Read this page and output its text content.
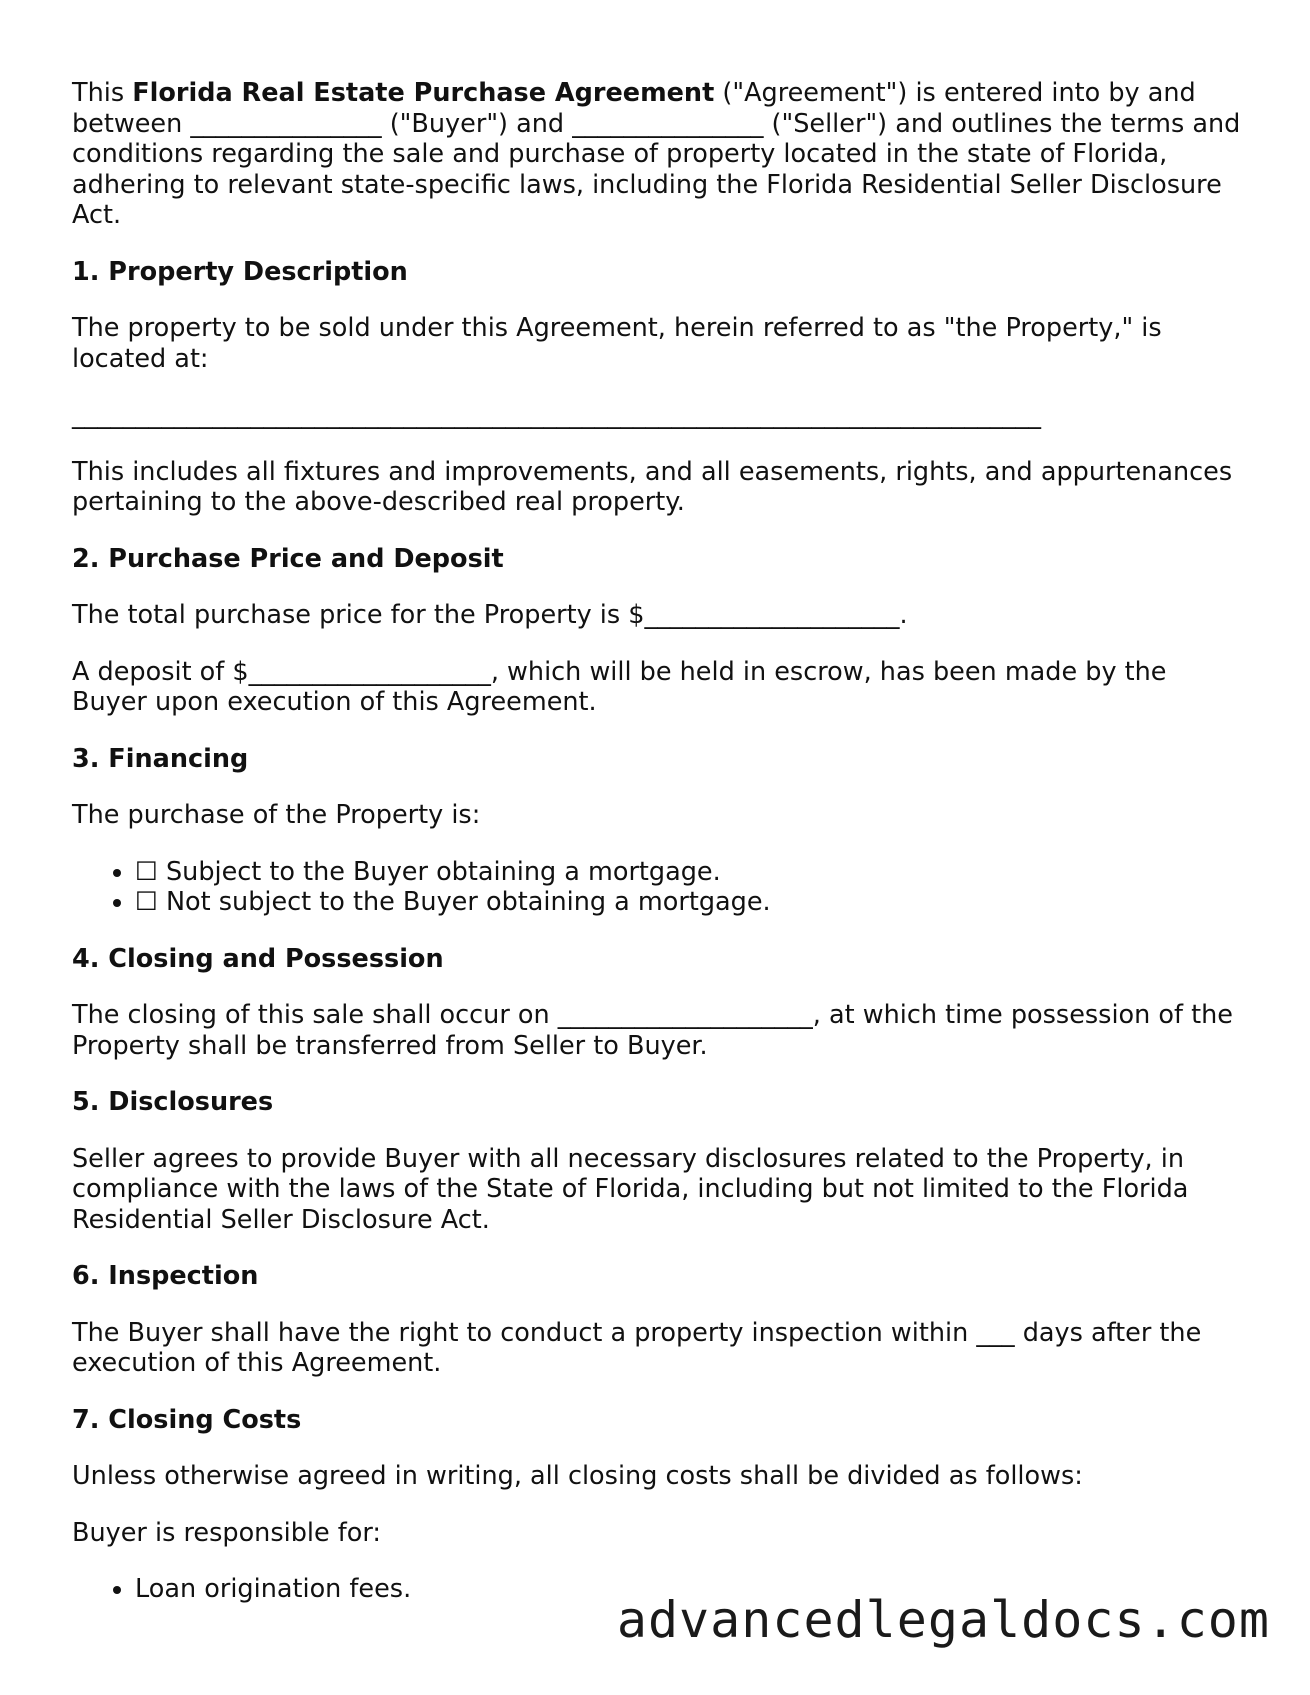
This Florida Real Estate Purchase Agreement ("Agreement") is entered into by and between _______________ ("Buyer") and _______________ ("Seller") and outlines the terms and conditions regarding the sale and purchase of property located in the state of Florida, adhering to relevant state-specific laws, including the Florida Residential Seller Disclosure Act.

1. Property Description

The property to be sold under this Agreement, herein referred to as "the Property," is located at:

____________________________________________________________________________

This includes all fixtures and improvements, and all easements, rights, and appurtenances pertaining to the above-described real property.

2. Purchase Price and Deposit

The total purchase price for the Property is $____________________.

A deposit of $___________________, which will be held in escrow, has been made by the Buyer upon execution of this Agreement.

3. Financing

The purchase of the Property is:

• ☐ Subject to the Buyer obtaining a mortgage.
• ☐ Not subject to the Buyer obtaining a mortgage.
4. Closing and Possession

The closing of this sale shall occur on ____________________, at which time possession of the Property shall be transferred from Seller to Buyer.

5. Disclosures

Seller agrees to provide Buyer with all necessary disclosures related to the Property, in compliance with the laws of the State of Florida, including but not limited to the Florida Residential Seller Disclosure Act.

6. Inspection

The Buyer shall have the right to conduct a property inspection within ___ days after the execution of this Agreement.

7. Closing Costs

Unless otherwise agreed in writing, all closing costs shall be divided as follows:

Buyer is responsible for:

• Loan origination fees.
advancedlegaldocs.com
